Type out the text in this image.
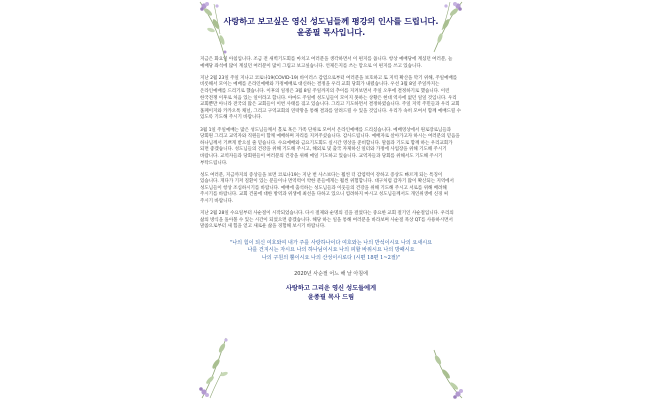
사랑하고 보고싶은 영신 성도님들께 평강의 인사를 드립니다.
윤종필 목사입니다.
지금은 화요일 아침입니다. 조금 전 새벽기도회를 마치고 여러분을 생각하면서 이 편지를 씁니다. 항상 예배당에 계셨던 여러분, 늘 예배당 좌석에 많이 계셨던 여러분이 많이 그립고 보고싶습니다. 언제든지를 쓰는 맘으로 이 편지를 쓰고 있습니다.
지난 2월 23일 주일 지나고 코로나19(COVID-19) 바이러스 감염으로부터 여러분을 보호하고 또 지역 확산을 막기 위해, 주일예배를 비롯해서 모이는 예배를 온라인예배와 가정예배로 대신하는 결정을 우리 교회 당회가 내렸습니다. 우선 3월 8일 주일까지는 온라인예배를 드리기로 했습니다. 이후의 일정은 3월 8일 주일까지의 추이를 지켜보면서 주일 오후에 결정하기로 했습니다. 이런 한국전쟁 이후로 처음 있는 일이라고 합니다. 아마도 주일에 성도님들이 모이지 못하는 상황은 현대 역사에 없던 일일 것입니다. 우리 교회뿐만 아니라 전국의 많은 교회들이 이번 사태를 겪고 있습니다. 그리고 기도하면서 결정하였습니다. 주일 지역 주민들과 우리 교회 홈페이지와 카카오톡 채널, 그리고 구역교회의 연락망을 통해 결과를 알려드릴 수 있을 것입니다. 우리가 속히 모여서 함께 예배드릴 수 있도록 기도해 주시기 바랍니다.
3월 1일 주일예배는 많은 성도님들께서 홀로 혹은 가족 단위로 모여서 온라인예배를 드리셨습니다. 예배영상에서 원로장로님들과 당회원 그리고 교역자와 직원들이 함께 예배하며 자리를 지켜주셨습니다. 감사드립니다. 예배자로 살아가고자 하시는 여러분의 믿음을 하나님께서 기쁘게 받으실 줄 믿습니다. 수요예배와 금요기도회도 실시간 영상을 준비합니다. 말씀과 기도로 함께 하는 우리교회가 되면 좋겠습니다. 성도님들의 건강을 위해 기도해 주시고, 해외로 및 출국 자제하신 일터와 가정에 사업장을 위해 기도해 주시기 바랍니다. 교역자들과 당회원들이 여러분의 건강을 위해 매일 기도하고 있습니다. 교역자들과 당회를 위해서도 기도해 주시기 부탁드립니다.
성도 여러분, 지금까지의 증상들을 보면 코로나19는 지난 번 사스보다는 훨씬 더 감염력이 강하고 증상도 빠르게 되는 특징이 있습니다. 게다가 기저 질환이 있는 분들이나 면역력이 약한 분들에게는 훨씬 위험합니다. 대구처럼 갑자기 많이 확산되는 지역에서 성도님들이 항상 조심하시기를 바랍니다. 예배에 출석하는 성도님들과 이웃들의 건강을 위해 기도해 주시고 서로를 위해 배려해 주시기를 바랍니다. 교회 건물에 대한 방역과 위생에 최선을 다하고 있으니 염려하지 마시고 성도님들께서도 개인위생에 신경 써 주시기 바랍니다.
지난 2월 28일 수요일부터 사순절이 시작되었습니다. 다시 절제와 순명의 길을 걸었다는 중요한 교회 절기인 사순절입니다. 우리의 삶의 방식을 돌아볼 수 있는 시간이 되었으면 좋겠습니다. 해당 하는 일을 통해 여러분을 바라보며 사순절 묵상 QT를 사용하시면서 말씀으로부터 새 힘을 얻고 새로운 삶을 경험해 보시기 바랍니다.
"나의 힘이 되신 여호와여 내가 주를 사랑하나이다 여호와는 나의 반석이시요 나의 요새시요
나를 건지시는 자시요 나의 하나님이시요 나의 피할 바위시요 나의 방패시요
나의 구원의 뿔이시요 나의 산성이시로다 (시편 18편 1~2절)"
2020년 사순절 어느 해 날 아침에
사랑하고 그리운 영신 성도들에게
윤종필 목사 드림
